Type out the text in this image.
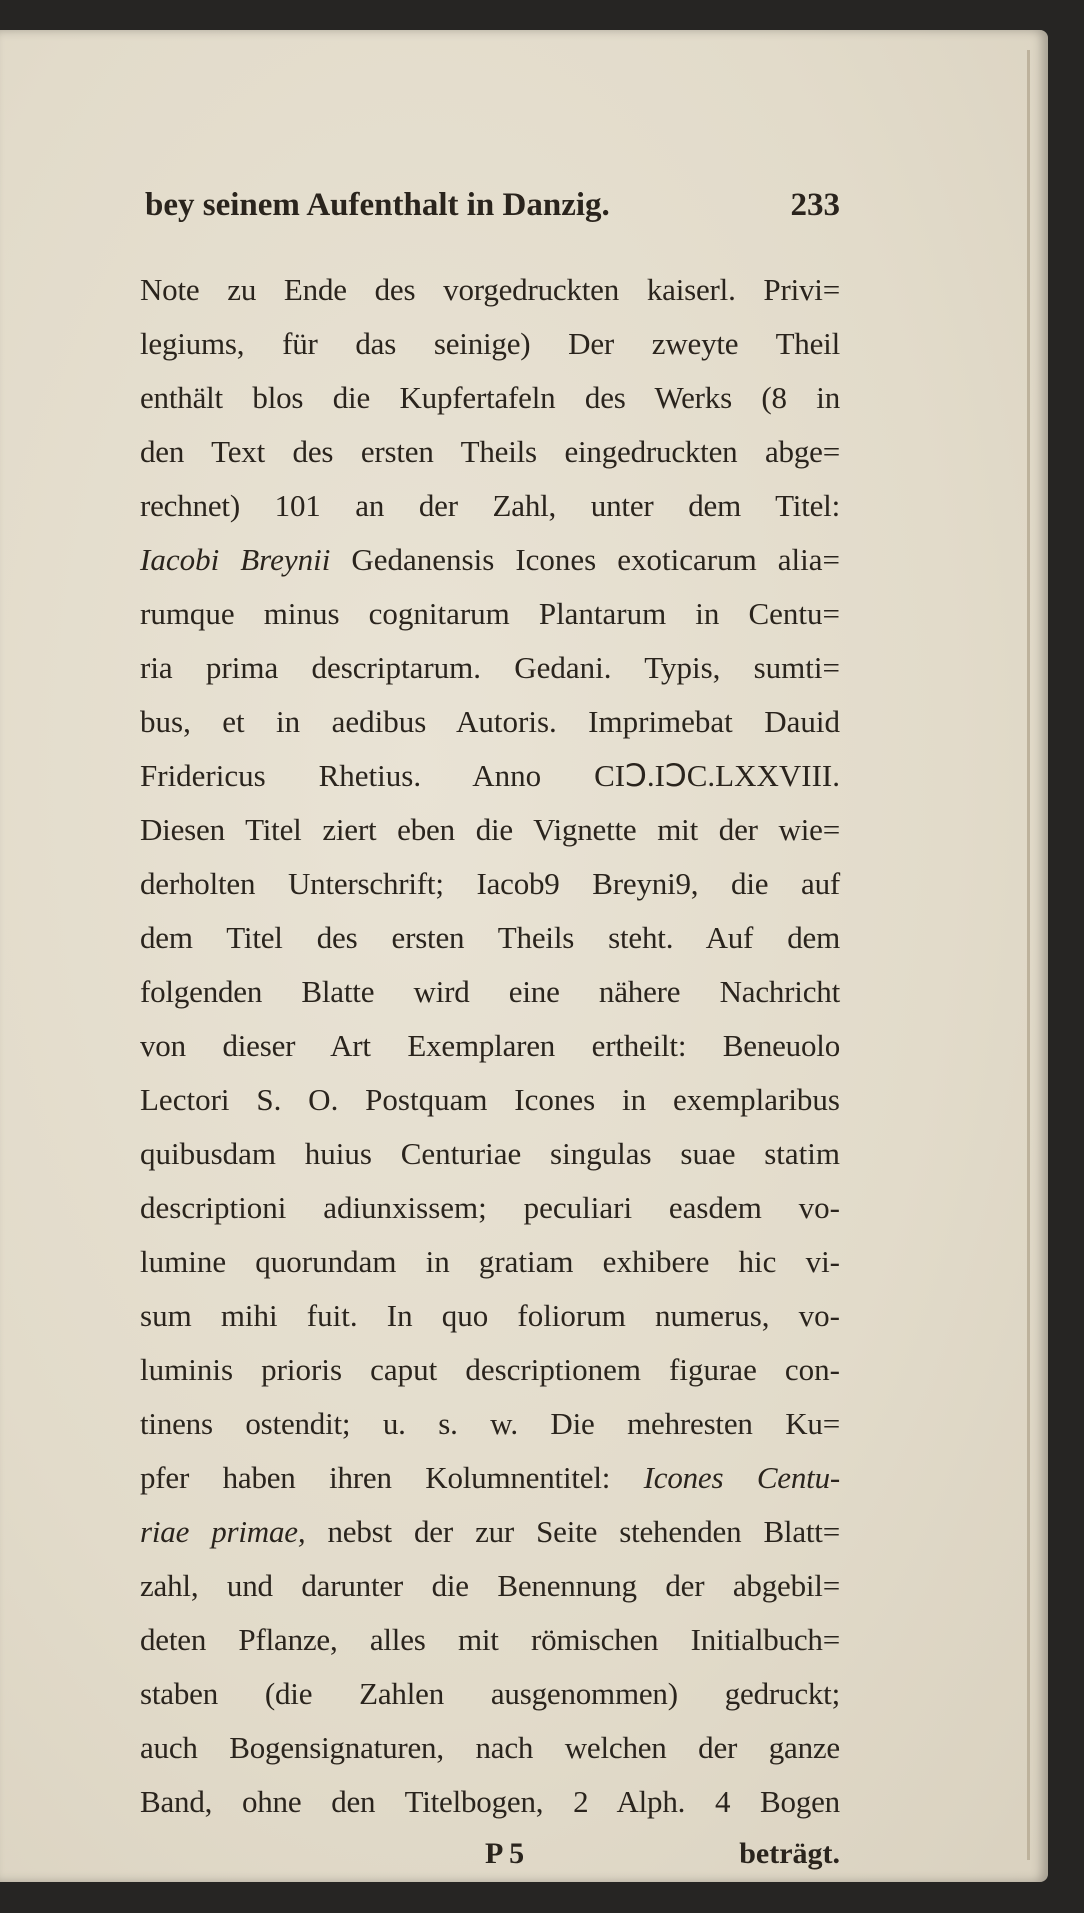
bey seinem Aufenthalt in Danzig.	233
Note zu Ende des vorgedruckten kaiserl. Privi=
legiums, für das seinige) Der zweyte Theil
enthält blos die Kupfertafeln des Werks (8 in
den Text des ersten Theils eingedruckten abge=
rechnet) 101 an der Zahl, unter dem Titel:
Iacobi Breynii Gedanensis Icones exoticarum alia=
rumque minus cognitarum Plantarum in Centu=
ria prima descriptarum. Gedani. Typis, sumti=
bus, et in aedibus Autoris. Imprimebat Dauid
Fridericus Rhetius. Anno CIↃ.IↃC.LXXVIII.
Diesen Titel ziert eben die Vignette mit der wie=
derholten Unterschrift; Iacob9 Breyni9, die auf
dem Titel des ersten Theils steht. Auf dem
folgenden Blatte wird eine nähere Nachricht
von dieser Art Exemplaren ertheilt: Beneuolo
Lectori S. O. Postquam Icones in exemplaribus
quibusdam huius Centuriae singulas suae statim
descriptioni adiunxissem; peculiari easdem vo-
lumine quorundam in gratiam exhibere hic vi-
sum mihi fuit. In quo foliorum numerus, vo-
luminis prioris caput descriptionem figurae con-
tinens ostendit; u. s. w. Die mehresten Ku=
pfer haben ihren Kolumnentitel: Icones Centu-
riae primae, nebst der zur Seite stehenden Blatt=
zahl, und darunter die Benennung der abgebil=
deten Pflanze, alles mit römischen Initialbuch=
staben (die Zahlen ausgenommen) gedruckt;
auch Bogensignaturen, nach welchen der ganze
Band, ohne den Titelbogen, 2 Alph. 4 Bogen
P 5	beträgt.
